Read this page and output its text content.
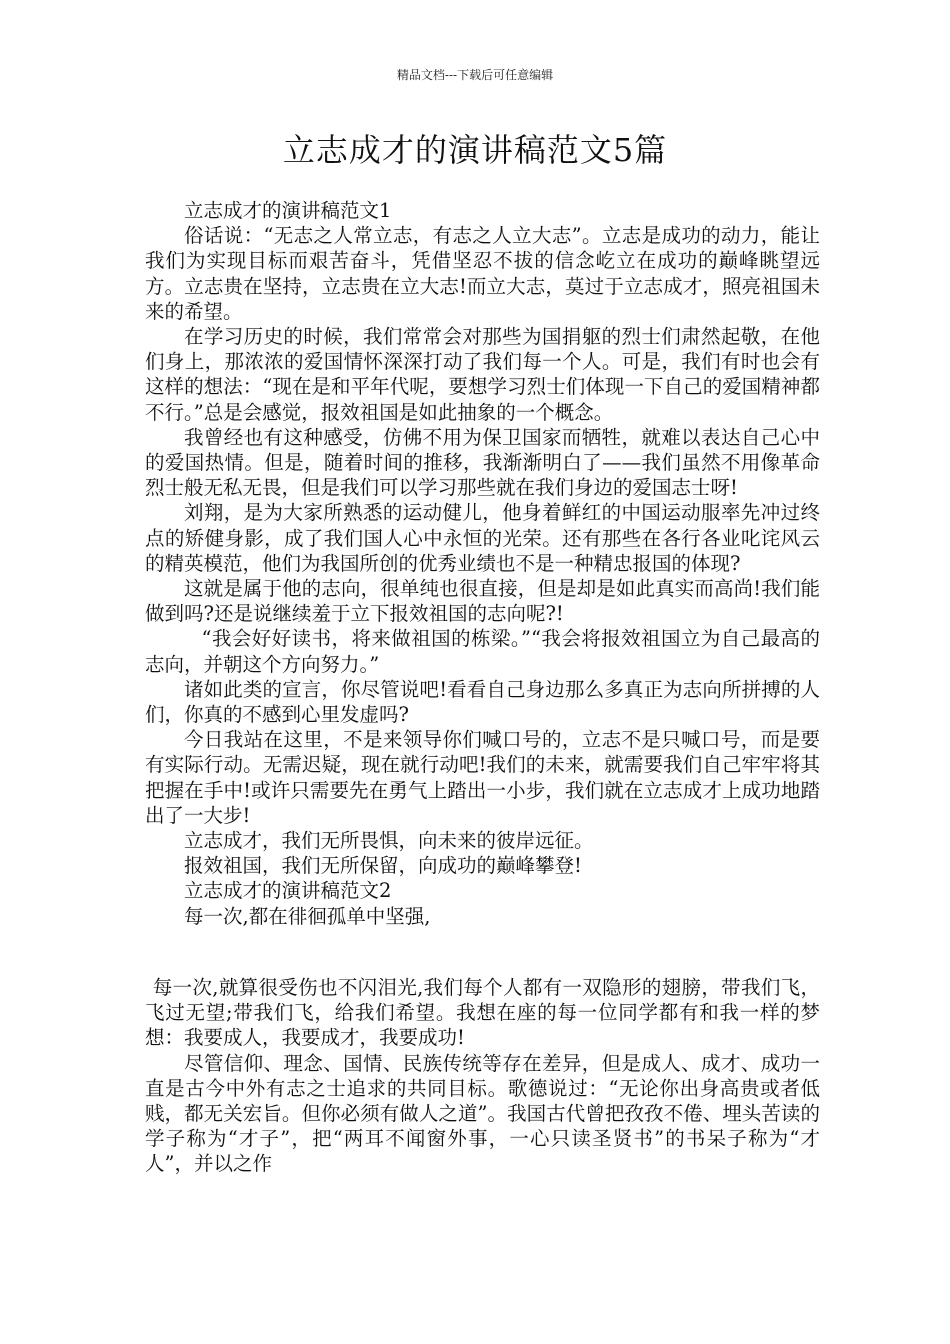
精品文档---下载后可任意编辑
立志成才的演讲稿范文5篇

立志成才的演讲稿范文1

俗话说：“无志之人常立志，有志之人立大志”。立志是成功的动力，能让我们为实现目标而艰苦奋斗，凭借坚忍不拔的信念屹立在成功的巅峰眺望远方。立志贵在坚持，立志贵在立大志!而立大志，莫过于立志成才，照亮祖国未来的希望。

在学习历史的时候，我们常常会对那些为国捐躯的烈士们肃然起敬，在他们身上，那浓浓的爱国情怀深深打动了我们每一个人。可是，我们有时也会有这样的想法：“现在是和平年代呢，要想学习烈士们体现一下自己的爱国精神都不行。”总是会感觉，报效祖国是如此抽象的一个概念。

我曾经也有这种感受，仿佛不用为保卫国家而牺牲，就难以表达自己心中的爱国热情。但是，随着时间的推移，我渐渐明白了——我们虽然不用像革命烈士般无私无畏，但是我们可以学习那些就在我们身边的爱国志士呀!

刘翔，是为大家所熟悉的运动健儿，他身着鲜红的中国运动服率先冲过终点的矫健身影，成了我们国人心中永恒的光荣。还有那些在各行各业叱诧风云的精英模范，他们为我国所创的优秀业绩也不是一种精忠报国的体现?

这就是属于他的志向，很单纯也很直接，但是却是如此真实而高尚!我们能做到吗?还是说继续羞于立下报效祖国的志向呢?!

“我会好好读书，将来做祖国的栋梁。”“我会将报效祖国立为自己最高的志向，并朝这个方向努力。”

诸如此类的宣言，你尽管说吧!看看自己身边那么多真正为志向所拼搏的人们，你真的不感到心里发虚吗?

今日我站在这里，不是来领导你们喊口号的，立志不是只喊口号，而是要有实际行动。无需迟疑，现在就行动吧!我们的未来，就需要我们自己牢牢将其把握在手中!或许只需要先在勇气上踏出一小步，我们就在立志成才上成功地踏出了一大步!

立志成才，我们无所畏惧，向未来的彼岸远征。

报效祖国，我们无所保留，向成功的巅峰攀登!

立志成才的演讲稿范文2

每一次,都在徘徊孤单中坚强,

每一次,就算很受伤也不闪泪光,我们每个人都有一双隐形的翅膀，带我们飞，飞过无望;带我们飞，给我们希望。我想在座的每一位同学都有和我一样的梦想：我要成人，我要成才，我要成功!

尽管信仰、理念、国情、民族传统等存在差异，但是成人、成才、成功一直是古今中外有志之士追求的共同目标。歌德说过：“无论你出身高贵或者低贱，都无关宏旨。但你必须有做人之道”。我国古代曾把孜孜不倦、埋头苦读的学子称为“才子”，把“两耳不闻窗外事，一心只读圣贤书”的书呆子称为“才人”，并以之作
